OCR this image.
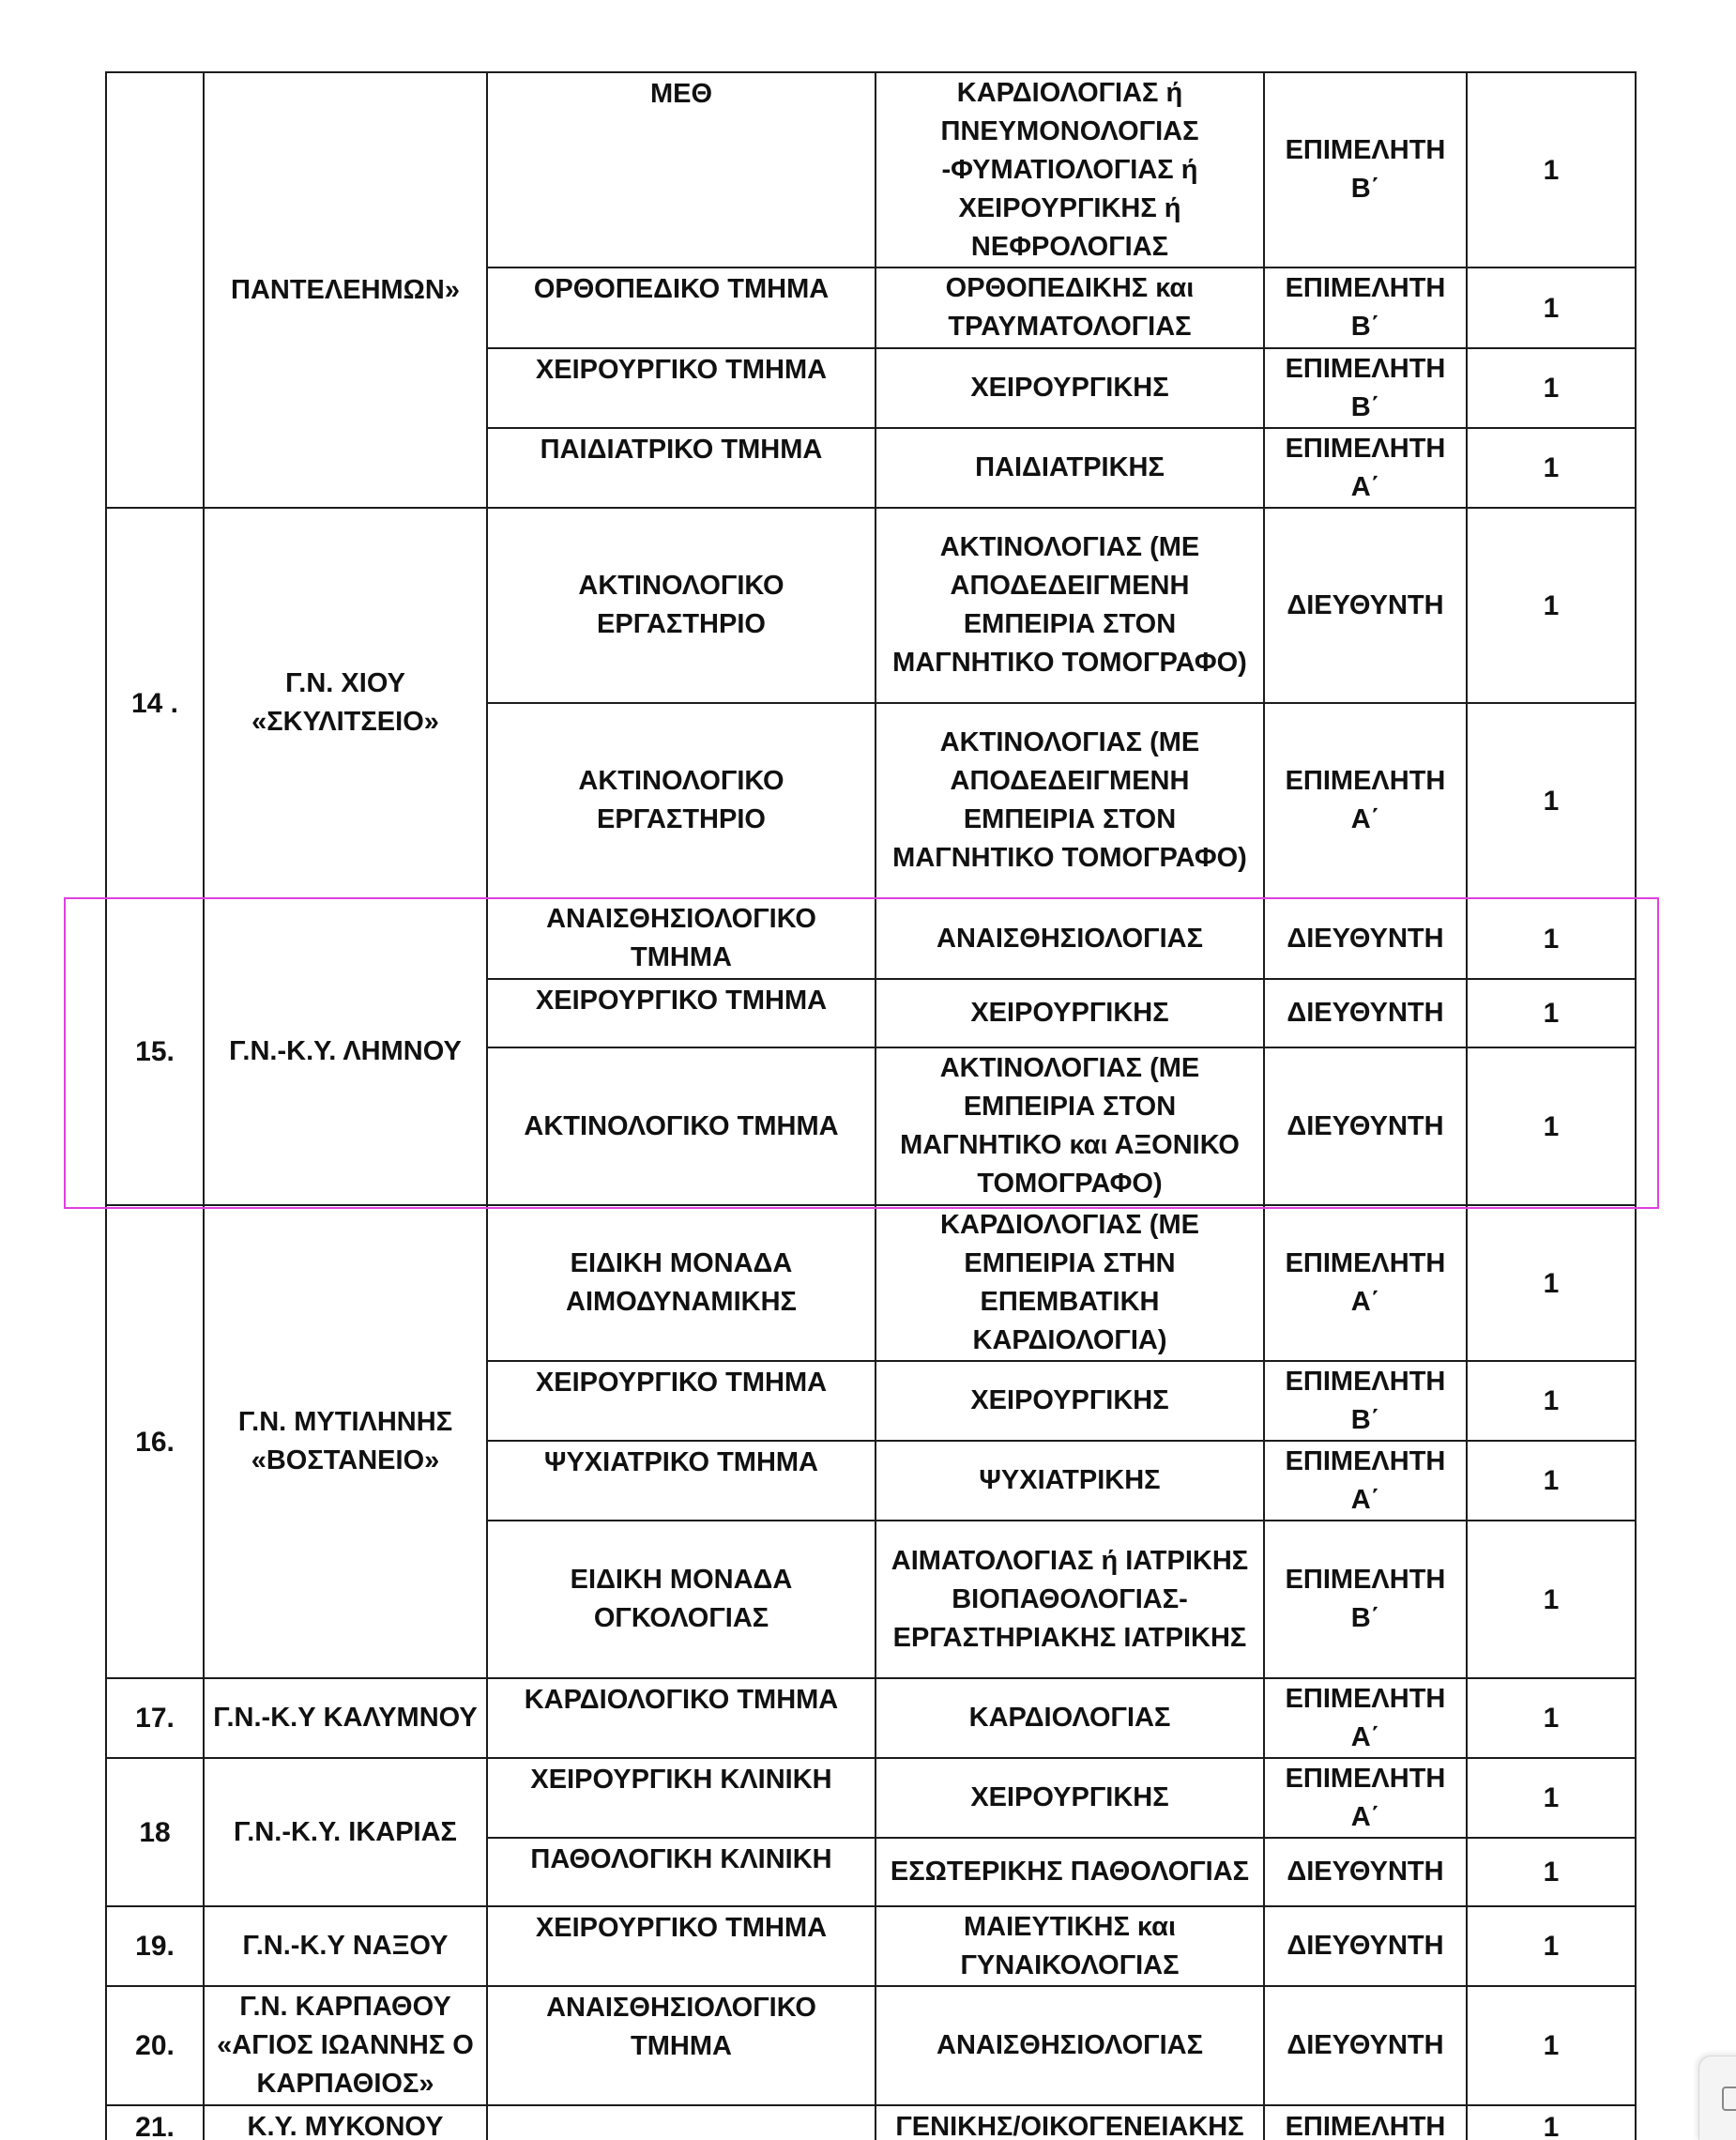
	ΠΑΝΤΕΛΕΗΜΩΝ»	ΜΕΘ	ΚΑΡΔΙΟΛΟΓΙΑΣ ή ΠΝΕΥΜΟΝΟΛΟΓΙΑΣ -ΦΥΜΑΤΙΟΛΟΓΙΑΣ ή ΧΕΙΡΟΥΡΓΙΚΗΣ ή ΝΕΦΡΟΛΟΓΙΑΣ	ΕΠΙΜΕΛΗΤΗ Β΄	1
		ΟΡΘΟΠΕΔΙΚΟ ΤΜΗΜΑ	ΟΡΘΟΠΕΔΙΚΗΣ και ΤΡΑΥΜΑΤΟΛΟΓΙΑΣ	ΕΠΙΜΕΛΗΤΗ Β΄	1
		ΧΕΙΡΟΥΡΓΙΚΟ ΤΜΗΜΑ	ΧΕΙΡΟΥΡΓΙΚΗΣ	ΕΠΙΜΕΛΗΤΗ Β΄	1
		ΠΑΙΔΙΑΤΡΙΚΟ ΤΜΗΜΑ	ΠΑΙΔΙΑΤΡΙΚΗΣ	ΕΠΙΜΕΛΗΤΗ Α΄	1
14 .	Γ.Ν. ΧΙΟΥ «ΣΚΥΛΙΤΣΕΙΟ»	ΑΚΤΙΝΟΛΟΓΙΚΟ ΕΡΓΑΣΤΗΡΙΟ	ΑΚΤΙΝΟΛΟΓΙΑΣ (ΜΕ ΑΠΟΔΕΔΕΙΓΜΕΝΗ ΕΜΠΕΙΡΙΑ ΣΤΟΝ ΜΑΓΝΗΤΙΚΟ ΤΟΜΟΓΡΑΦΟ)	ΔΙΕΥΘΥΝΤΗ	1
		ΑΚΤΙΝΟΛΟΓΙΚΟ ΕΡΓΑΣΤΗΡΙΟ	ΑΚΤΙΝΟΛΟΓΙΑΣ (ΜΕ ΑΠΟΔΕΔΕΙΓΜΕΝΗ ΕΜΠΕΙΡΙΑ ΣΤΟΝ ΜΑΓΝΗΤΙΚΟ ΤΟΜΟΓΡΑΦΟ)	ΕΠΙΜΕΛΗΤΗ Α΄	1
15.	Γ.Ν.-Κ.Υ. ΛΗΜΝΟΥ	ΑΝΑΙΣΘΗΣΙΟΛΟΓΙΚΟ ΤΜΗΜΑ	ΑΝΑΙΣΘΗΣΙΟΛΟΓΙΑΣ	ΔΙΕΥΘΥΝΤΗ	1
		ΧΕΙΡΟΥΡΓΙΚΟ ΤΜΗΜΑ	ΧΕΙΡΟΥΡΓΙΚΗΣ	ΔΙΕΥΘΥΝΤΗ	1
		ΑΚΤΙΝΟΛΟΓΙΚΟ ΤΜΗΜΑ	ΑΚΤΙΝΟΛΟΓΙΑΣ (ΜΕ ΕΜΠΕΙΡΙΑ ΣΤΟΝ ΜΑΓΝΗΤΙΚΟ και ΑΞΟΝΙΚΟ ΤΟΜΟΓΡΑΦΟ)	ΔΙΕΥΘΥΝΤΗ	1
16.	Γ.Ν. ΜΥΤΙΛΗΝΗΣ «ΒΟΣΤΑΝΕΙΟ»	ΕΙΔΙΚΗ ΜΟΝΑΔΑ ΑΙΜΟΔΥΝΑΜΙΚΗΣ	ΚΑΡΔΙΟΛΟΓΙΑΣ (ΜΕ ΕΜΠΕΙΡΙΑ ΣΤΗΝ ΕΠΕΜΒΑΤΙΚΗ ΚΑΡΔΙΟΛΟΓΙΑ)	ΕΠΙΜΕΛΗΤΗ Α΄	1
		ΧΕΙΡΟΥΡΓΙΚΟ ΤΜΗΜΑ	ΧΕΙΡΟΥΡΓΙΚΗΣ	ΕΠΙΜΕΛΗΤΗ Β΄	1
		ΨΥΧΙΑΤΡΙΚΟ ΤΜΗΜΑ	ΨΥΧΙΑΤΡΙΚΗΣ	ΕΠΙΜΕΛΗΤΗ Α΄	1
		ΕΙΔΙΚΗ ΜΟΝΑΔΑ ΟΓΚΟΛΟΓΙΑΣ	ΑΙΜΑΤΟΛΟΓΙΑΣ ή ΙΑΤΡΙΚΗΣ ΒΙΟΠΑΘΟΛΟΓΙΑΣ- ΕΡΓΑΣΤΗΡΙΑΚΗΣ ΙΑΤΡΙΚΗΣ	ΕΠΙΜΕΛΗΤΗ Β΄	1
17.	Γ.Ν.-Κ.Υ ΚΑΛΥΜΝΟΥ	ΚΑΡΔΙΟΛΟΓΙΚΟ ΤΜΗΜΑ	ΚΑΡΔΙΟΛΟΓΙΑΣ	ΕΠΙΜΕΛΗΤΗ Α΄	1
18	Γ.Ν.-Κ.Υ. ΙΚΑΡΙΑΣ	ΧΕΙΡΟΥΡΓΙΚΗ ΚΛΙΝΙΚΗ	ΧΕΙΡΟΥΡΓΙΚΗΣ	ΕΠΙΜΕΛΗΤΗ Α΄	1
		ΠΑΘΟΛΟΓΙΚΗ ΚΛΙΝΙΚΗ	ΕΣΩΤΕΡΙΚΗΣ ΠΑΘΟΛΟΓΙΑΣ	ΔΙΕΥΘΥΝΤΗ	1
19.	Γ.Ν.-Κ.Υ ΝΑΞΟΥ	ΧΕΙΡΟΥΡΓΙΚΟ ΤΜΗΜΑ	ΜΑΙΕΥΤΙΚΗΣ και ΓΥΝΑΙΚΟΛΟΓΙΑΣ	ΔΙΕΥΘΥΝΤΗ	1
20.	Γ.Ν. ΚΑΡΠΑΘΟΥ «ΑΓΙΟΣ ΙΩΑΝΝΗΣ Ο ΚΑΡΠΑΘΙΟΣ»	ΑΝΑΙΣΘΗΣΙΟΛΟΓΙΚΟ ΤΜΗΜΑ	ΑΝΑΙΣΘΗΣΙΟΛΟΓΙΑΣ	ΔΙΕΥΘΥΝΤΗ	1
21.	Κ.Υ. ΜΥΚΟΝΟΥ		ΓΕΝΙΚΗΣ/ΟΙΚΟΓΕΝΕΙΑΚΗΣ	ΕΠΙΜΕΛΗΤΗ	1
